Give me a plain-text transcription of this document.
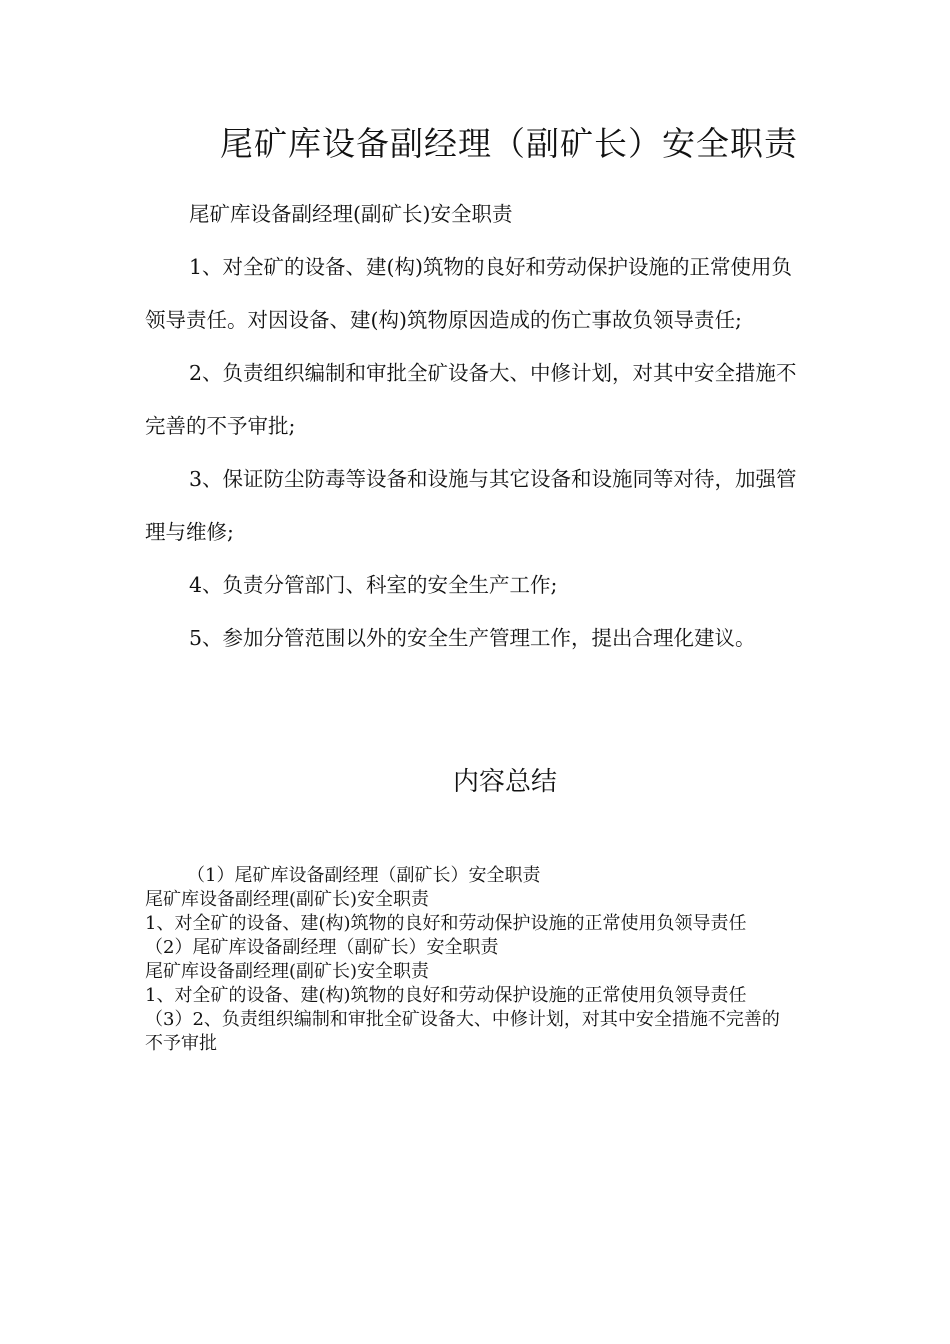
尾矿库设备副经理（副矿长）安全职责

尾矿库设备副经理(副矿长)安全职责

1、对全矿的设备、建(构)筑物的良好和劳动保护设施的正常使用负领导责任。对因设备、建(构)筑物原因造成的伤亡事故负领导责任;

2、负责组织编制和审批全矿设备大、中修计划，对其中安全措施不完善的不予审批;

3、保证防尘防毒等设备和设施与其它设备和设施同等对待，加强管理与维修;

4、负责分管部门、科室的安全生产工作;

5、参加分管范围以外的安全生产管理工作，提出合理化建议。

内容总结
（1）尾矿库设备副经理（副矿长）安全职责
尾矿库设备副经理(副矿长)安全职责
1、对全矿的设备、建(构)筑物的良好和劳动保护设施的正常使用负领导责任
（2）尾矿库设备副经理（副矿长）安全职责
尾矿库设备副经理(副矿长)安全职责
1、对全矿的设备、建(构)筑物的良好和劳动保护设施的正常使用负领导责任
（3）2、负责组织编制和审批全矿设备大、中修计划，对其中安全措施不完善的不予审批
